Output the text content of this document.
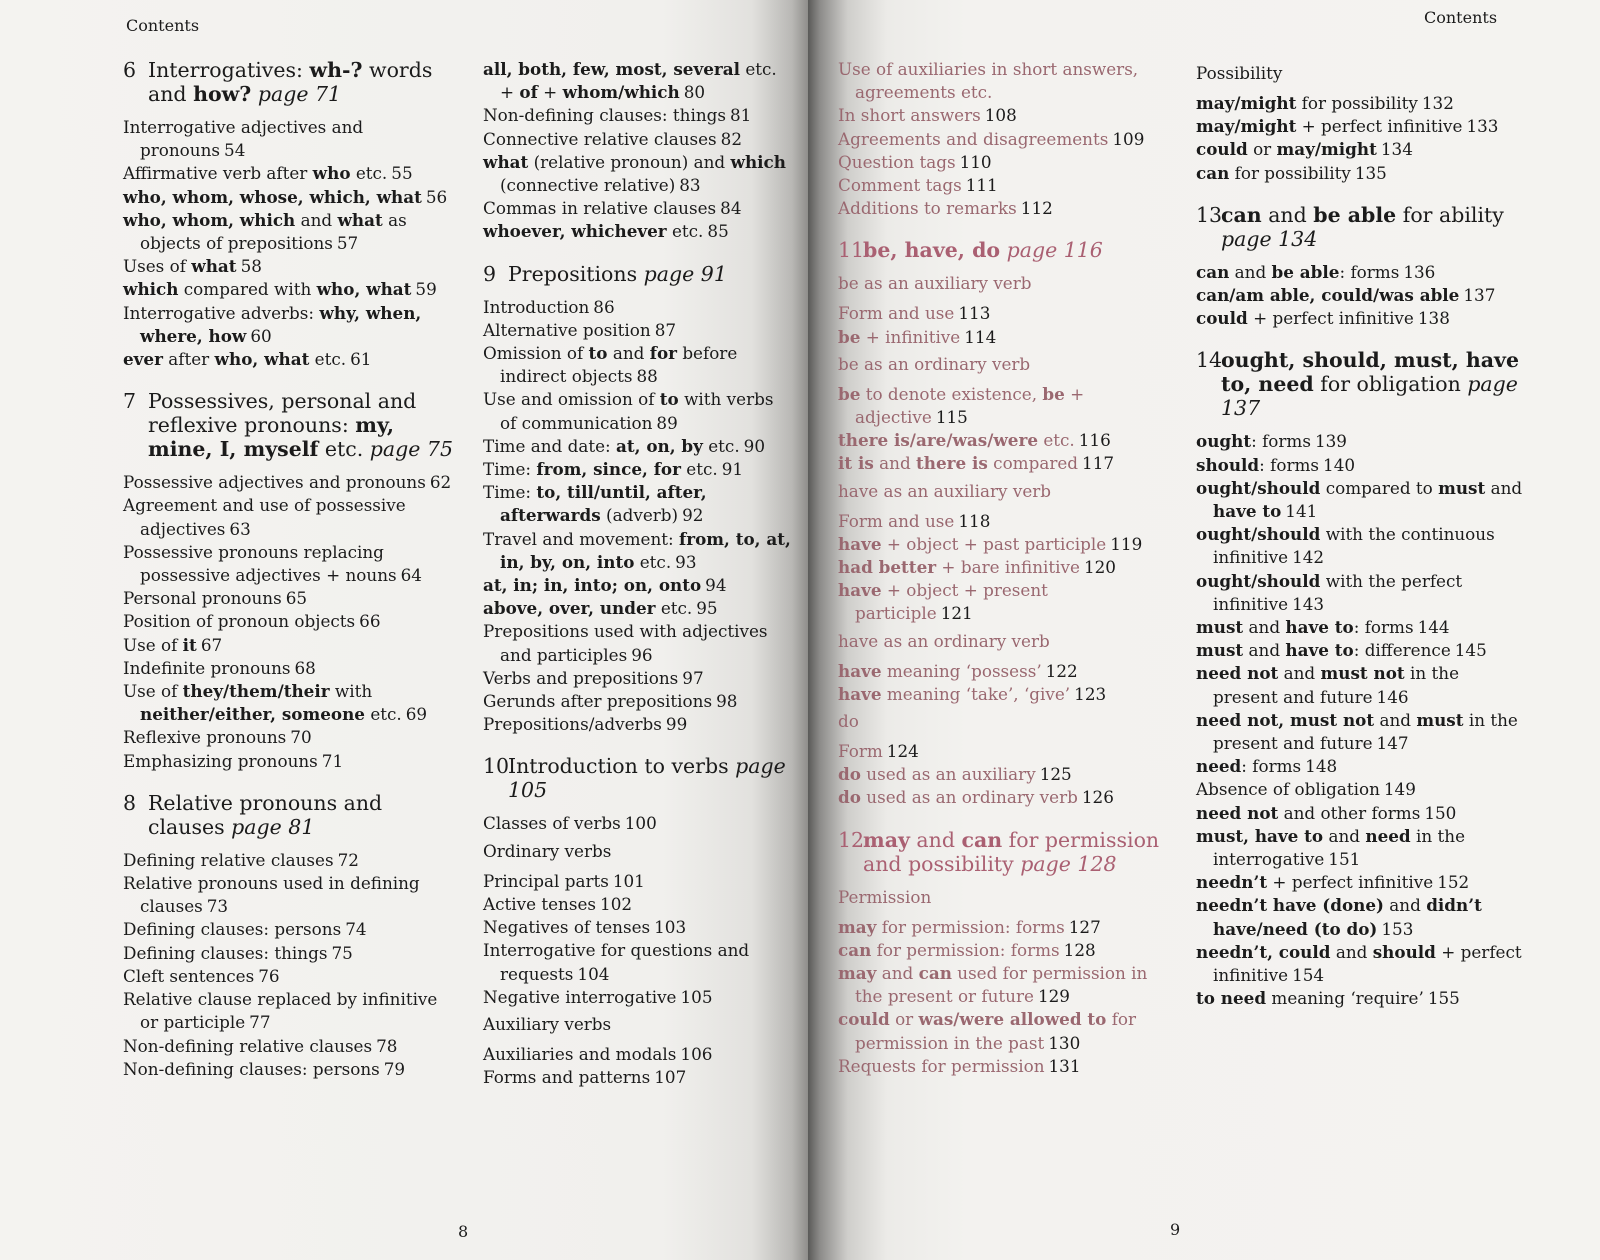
Contents
6 Interrogatives: wh-? words and how? page 71
Interrogative adjectives and pronouns 54
Affirmative verb after who etc. 55
who, whom, whose, which, what 56
who, whom, which and what as objects of prepositions 57
Uses of what 58
which compared with who, what 59
Interrogative adverbs: why, when, where, how 60
ever after who, what etc. 61
7 Possessives, personal and reflexive pronouns: my, mine, I, myself etc. page 75
Possessive adjectives and pronouns 62
Agreement and use of possessive adjectives 63
Possessive pronouns replacing possessive adjectives + nouns 64
Personal pronouns 65
Position of pronoun objects 66
Use of it 67
Indefinite pronouns 68
Use of they/them/their with neither/either, someone etc. 69
Reflexive pronouns 70
Emphasizing pronouns 71
8 Relative pronouns and clauses page 81
Defining relative clauses 72
Relative pronouns used in defining clauses 73
Defining clauses: persons 74
Defining clauses: things 75
Cleft sentences 76
Relative clause replaced by infinitive or participle 77
Non-defining relative clauses 78
Non-defining clauses: persons 79
all, both, few, most, several etc. + of + whom/which 80
Non-defining clauses: things 81
Connective relative clauses 82
what (relative pronoun) and which (connective relative) 83
Commas in relative clauses 84
whoever, whichever etc. 85
9 Prepositions page 91
Introduction 86
Alternative position 87
Omission of to and for before indirect objects 88
Use and omission of to with verbs of communication 89
Time and date: at, on, by etc. 90
Time: from, since, for etc. 91
Time: to, till/until, after, afterwards (adverb) 92
Travel and movement: from, to, at, in, by, on, into etc. 93
at, in; in, into; on, onto 94
above, over, under etc. 95
Prepositions used with adjectives and participles 96
Verbs and prepositions 97
Gerunds after prepositions 98
Prepositions/adverbs 99
10Introduction to verbs page 105
Classes of verbs 100
Ordinary verbs
Principal parts 101
Active tenses 102
Negatives of tenses 103
Interrogative for questions and requests 104
Negative interrogative 105
Auxiliary verbs
Auxiliaries and modals 106
Forms and patterns 107
8
Contents
Use of auxiliaries in short answers, agreements etc.
In short answers 108
Agreements and disagreements 109
Question tags 110
Comment tags 111
Additions to remarks 112
11be, have, do page 116
be as an auxiliary verb
Form and use 113
be + infinitive 114
be as an ordinary verb
be to denote existence, be + adjective 115
there is/are/was/were etc. 116
it is and there is compared 117
have as an auxiliary verb
Form and use 118
have + object + past participle 119
had better + bare infinitive 120
have + object + present participle 121
have as an ordinary verb
have meaning ‘possess’ 122
have meaning ‘take’, ‘give’ 123
do
Form 124
do used as an auxiliary 125
do used as an ordinary verb 126
12may and can for permission and possibility page 128
Permission
may for permission: forms 127
can for permission: forms 128
may and can used for permission in the present or future 129
could or was/were allowed to for permission in the past 130
Requests for permission 131
Possibility
may/might for possibility 132
may/might + perfect infinitive 133
could or may/might 134
can for possibility 135
13can and be able for ability page 134
can and be able: forms 136
can/am able, could/was able 137
could + perfect infinitive 138
14ought, should, must, have to, need for obligation page 137
ought: forms 139
should: forms 140
ought/should compared to must and have to 141
ought/should with the continuous infinitive 142
ought/should with the perfect infinitive 143
must and have to: forms 144
must and have to: difference 145
need not and must not in the present and future 146
need not, must not and must in the present and future 147
need: forms 148
Absence of obligation 149
need not and other forms 150
must, have to and need in the interrogative 151
needn’t + perfect infinitive 152
needn’t have (done) and didn’t have/need (to do) 153
needn’t, could and should + perfect infinitive 154
to need meaning ‘require’ 155
9
